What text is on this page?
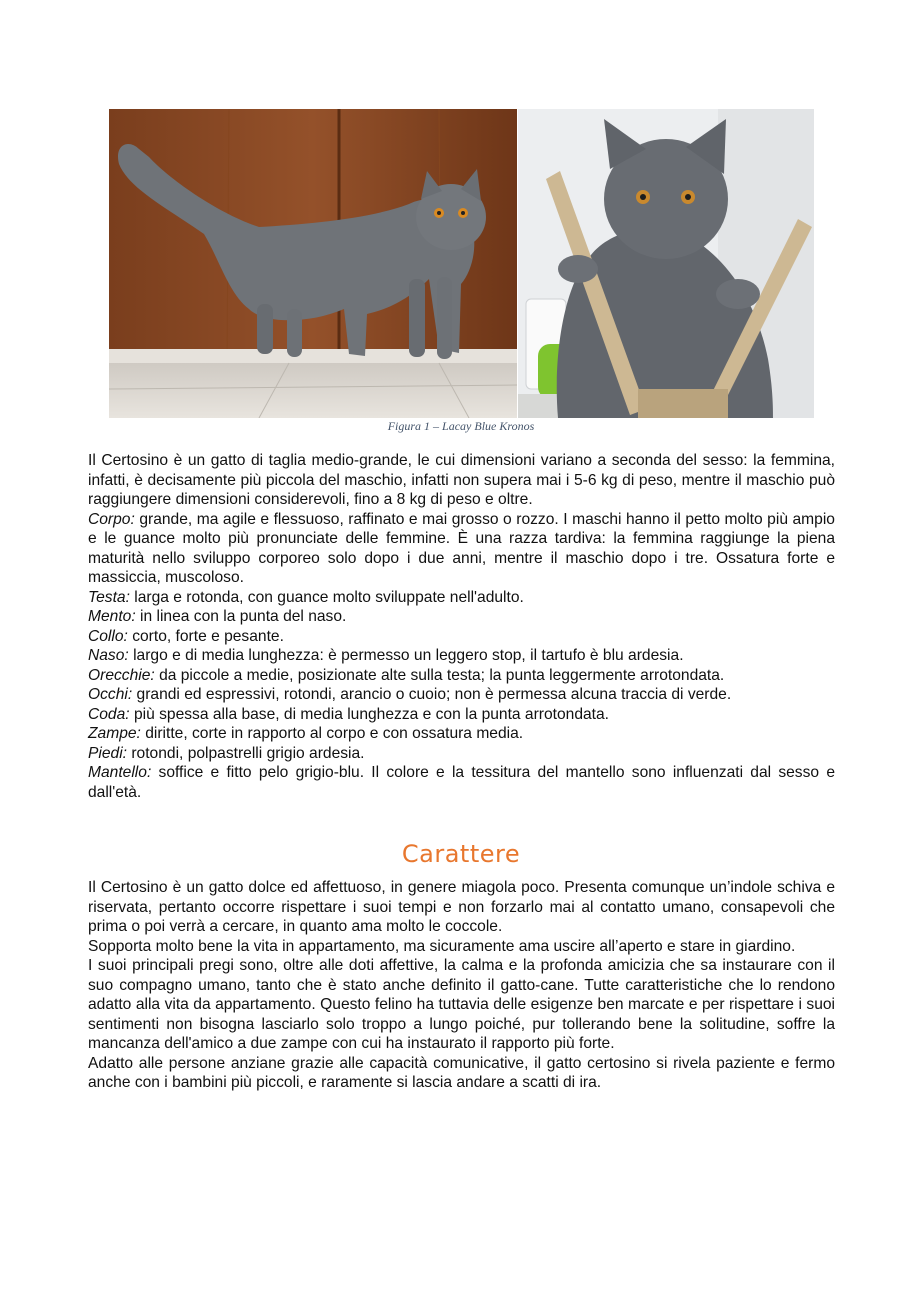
Figura 1 – Lacay Blue Kronos

Il Certosino è un gatto di taglia medio-grande, le cui dimensioni variano a seconda del sesso: la femmina, infatti, è decisamente più piccola del maschio, infatti non supera mai i 5-6 kg di peso, mentre il maschio può raggiungere dimensioni considerevoli, fino a 8 kg di peso e oltre.

Corpo: grande, ma agile e flessuoso, raffinato e mai grosso o rozzo. I maschi hanno il petto molto più ampio e le guance molto più pronunciate delle femmine. È una razza tardiva: la femmina raggiunge la piena maturità nello sviluppo corporeo solo dopo i due anni, mentre il maschio dopo i tre. Ossatura forte e massiccia, muscoloso.

Testa: larga e rotonda, con guance molto sviluppate nell'adulto.

Mento: in linea con la punta del naso.

Collo: corto, forte e pesante.

Naso: largo e di media lunghezza: è permesso un leggero stop, il tartufo è blu ardesia.

Orecchie: da piccole a medie, posizionate alte sulla testa; la punta leggermente arrotondata.

Occhi: grandi ed espressivi, rotondi, arancio o cuoio; non è permessa alcuna traccia di verde.

Coda: più spessa alla base, di media lunghezza e con la punta arrotondata.

Zampe: diritte, corte in rapporto al corpo e con ossatura media.

Piedi: rotondi, polpastrelli grigio ardesia.

Mantello: soffice e fitto pelo grigio-blu. Il colore e la tessitura del mantello sono influenzati dal sesso e dall'età.

Carattere

Il Certosino è un gatto dolce ed affettuoso, in genere miagola poco. Presenta comunque un’indole schiva e riservata, pertanto occorre rispettare i suoi tempi e non forzarlo mai al contatto umano, consapevoli che prima o poi verrà a cercare, in quanto ama molto le coccole.

Sopporta molto bene la vita in appartamento, ma sicuramente ama uscire all’aperto e stare in giardino.

I suoi principali pregi sono, oltre alle doti affettive, la calma e la profonda amicizia che sa instaurare con il suo compagno umano, tanto che è stato anche definito il gatto-cane. Tutte caratteristiche che lo rendono adatto alla vita da appartamento. Questo felino ha tuttavia delle esigenze ben marcate e per rispettare i suoi sentimenti non bisogna lasciarlo solo troppo a lungo poiché, pur tollerando bene la solitudine, soffre la mancanza dell'amico a due zampe con cui ha instaurato il rapporto più forte.

Adatto alle persone anziane grazie alle capacità comunicative, il gatto certosino si rivela paziente e fermo anche con i bambini più piccoli, e raramente si lascia andare a scatti di ira.
